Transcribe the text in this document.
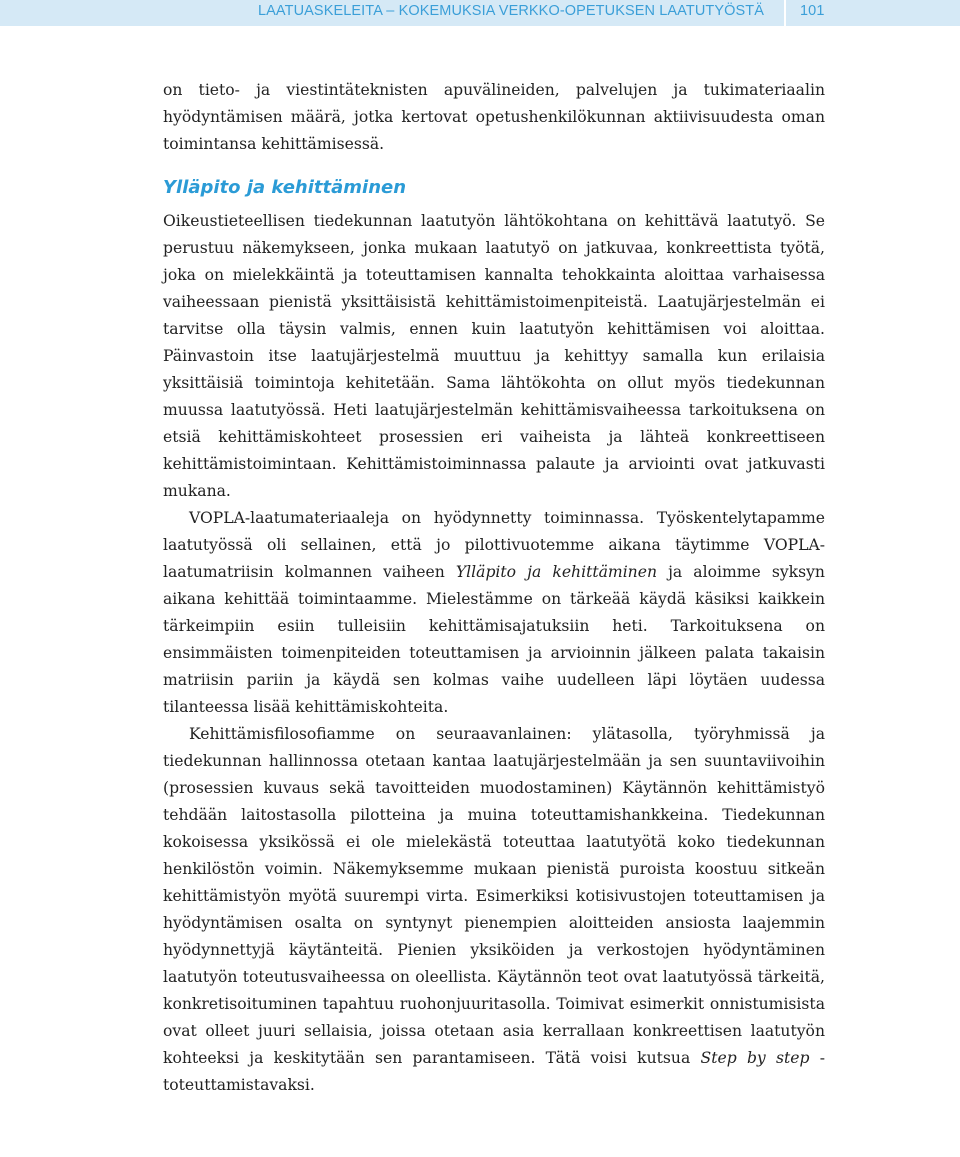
LAATUASKELEITA – KOKEMUKSIA VERKKO-OPETUKSEN LAATUTYÖSTÄ 101

on tieto- ja viestintäteknisten apuvälineiden, palvelujen ja tukimateriaalin hyödyntämisen määrä, jotka kertovat opetushenkilökunnan aktiivisuudesta oman toimintansa kehittämisessä.

Ylläpito ja kehittäminen

Oikeustieteellisen tiedekunnan laatutyön lähtökohtana on kehittävä laatutyö. Se perustuu näkemykseen, jonka mukaan laatutyö on jatkuvaa, konkreettista työtä, joka on mielekkäintä ja toteuttamisen kannalta tehokkainta aloittaa varhaisessa vaiheessaan pienistä yksittäisistä kehittämistoimenpiteistä. Laatujärjestelmän ei tarvitse olla täysin valmis, ennen kuin laatutyön kehittämisen voi aloittaa. Päinvastoin itse laatujärjestelmä muuttuu ja kehittyy samalla kun erilaisia yksittäisiä toimintoja kehitetään. Sama lähtökohta on ollut myös tiedekunnan muussa laatutyössä. Heti laatujärjestelmän kehittämisvaiheessa tarkoituksena on etsiä kehittämiskohteet prosessien eri vaiheista ja lähteä konkreettiseen kehittämistoimintaan. Kehittämistoiminnassa palaute ja arviointi ovat jatkuvasti mukana.

VOPLA-laatumateriaaleja on hyödynnetty toiminnassa. Työskentelytapamme laatutyössä oli sellainen, että jo pilottivuotemme aikana täytimme VOPLA-laatumatriisin kolmannen vaiheen Ylläpito ja kehittäminen ja aloimme syksyn aikana kehittää toimintaamme. Mielestämme on tärkeää käydä käsiksi kaikkein tärkeimpiin esiin tulleisiin kehittämisajatuksiin heti. Tarkoituksena on ensimmäisten toimenpiteiden toteuttamisen ja arvioinnin jälkeen palata takaisin matriisin pariin ja käydä sen kolmas vaihe uudelleen läpi löytäen uudessa tilanteessa lisää kehittämiskohteita.

Kehittämisfilosofiamme on seuraavanlainen: ylätasolla, työryhmissä ja tiedekunnan hallinnossa otetaan kantaa laatujärjestelmään ja sen suuntaviivoihin (prosessien kuvaus sekä tavoitteiden muodostaminen) Käytännön kehittämistyö tehdään laitostasolla pilotteina ja muina toteuttamishankkeina. Tiedekunnan kokoisessa yksikössä ei ole mielekästä toteuttaa laatutyötä koko tiedekunnan henkilöstön voimin. Näkemyksemme mukaan pienistä puroista koostuu sitkeän kehittämistyön myötä suurempi virta. Esimerkiksi kotisivustojen toteuttamisen ja hyödyntämisen osalta on syntynyt pienempien aloitteiden ansiosta laajemmin hyödynnettyjä käytänteitä. Pienien yksiköiden ja verkostojen hyödyntäminen laatutyön toteutusvaiheessa on oleellista. Käytännön teot ovat laatutyössä tärkeitä, konkretisoituminen tapahtuu ruohonjuuritasolla. Toimivat esimerkit onnistumisista ovat olleet juuri sellaisia, joissa otetaan asia kerrallaan konkreettisen laatutyön kohteeksi ja keskitytään sen parantamiseen. Tätä voisi kutsua Step by step -toteuttamistavaksi.
